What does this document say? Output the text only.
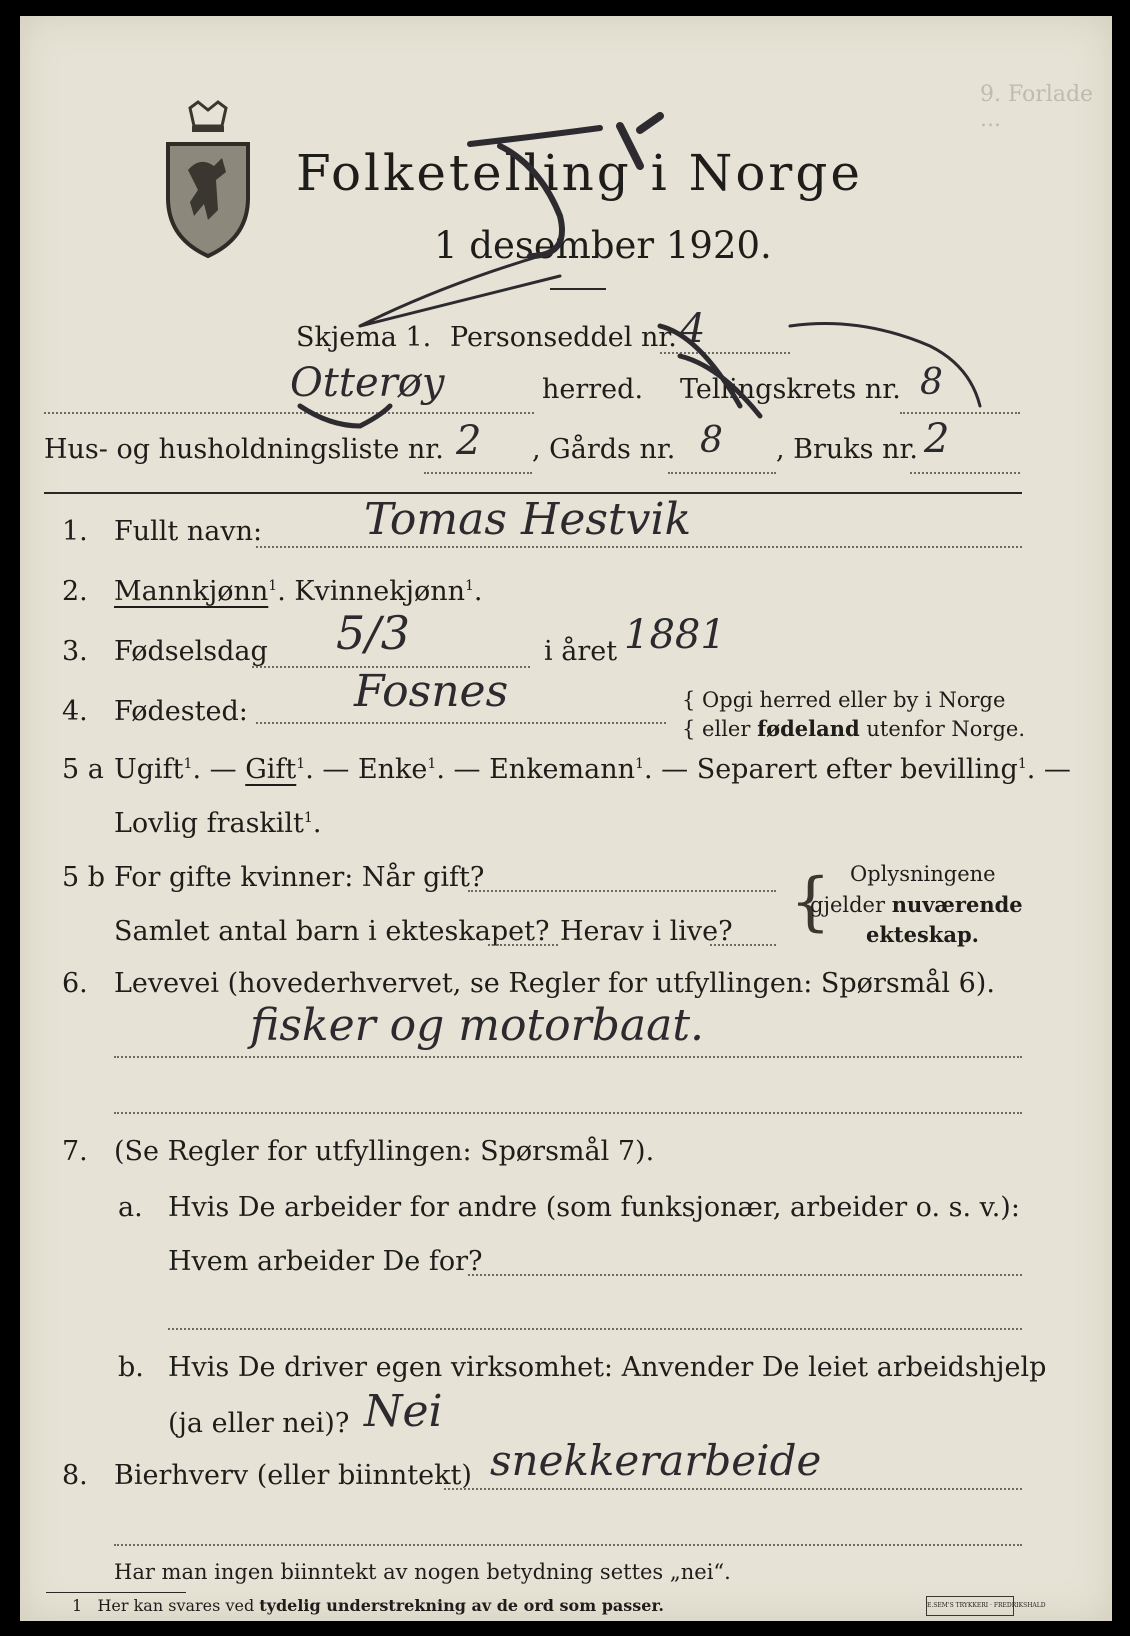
9. Forlade ...
Folketelling i Norge
1 desember 1920.
Skjema 1. Personseddel nr. 4
Otterøy	herred. Tellingskrets nr. 8
Hus- og husholdningsliste nr. 2 , Gårds nr. 8 , Bruks nr. 2
1. Fullt navn: Tomas Hestvik
2. Mannkjønn$^1$. Kvinnekjønn$^1$.
3. Fødselsdag 5/3	i året 1881
4. Fødested: Fosnes	{ Opgi herred eller by i Norge
{ eller fødeland utenfor Norge.
5 a Ugift$^1$. — Gift$^1$. — Enke$^1$. — Enkemann$^1$. — Separert efter bevilling$^1$. —
Lovlig fraskilt$^1$.
5 b For gifte kvinner: Når gift?
Samlet antal barn i ekteskapet? Herav i live? { Oplysningene
gjelder nuværende
ekteskap.
6. Levevei (hovederhvervet, se Regler for utfyllingen: Spørsmål 6).
fisker og motorbaat.
7. (Se Regler for utfyllingen: Spørsmål 7).
a. Hvis De arbeider for andre (som funksjonær, arbeider o. s. v.):
Hvem arbeider De for?
b. Hvis De driver egen virksomhet: Anvender De leiet arbeidshjelp
(ja eller nei)? Nei
8. Bierhverv (eller biinntekt) snekkerarbeide
Har man ingen biinntekt av nogen betydning settes „nei“.
1 Her kan svares ved tydelig understrekning av de ord som passer.	E.SEM'S TRYKKERI · FREDRIKSHALD
